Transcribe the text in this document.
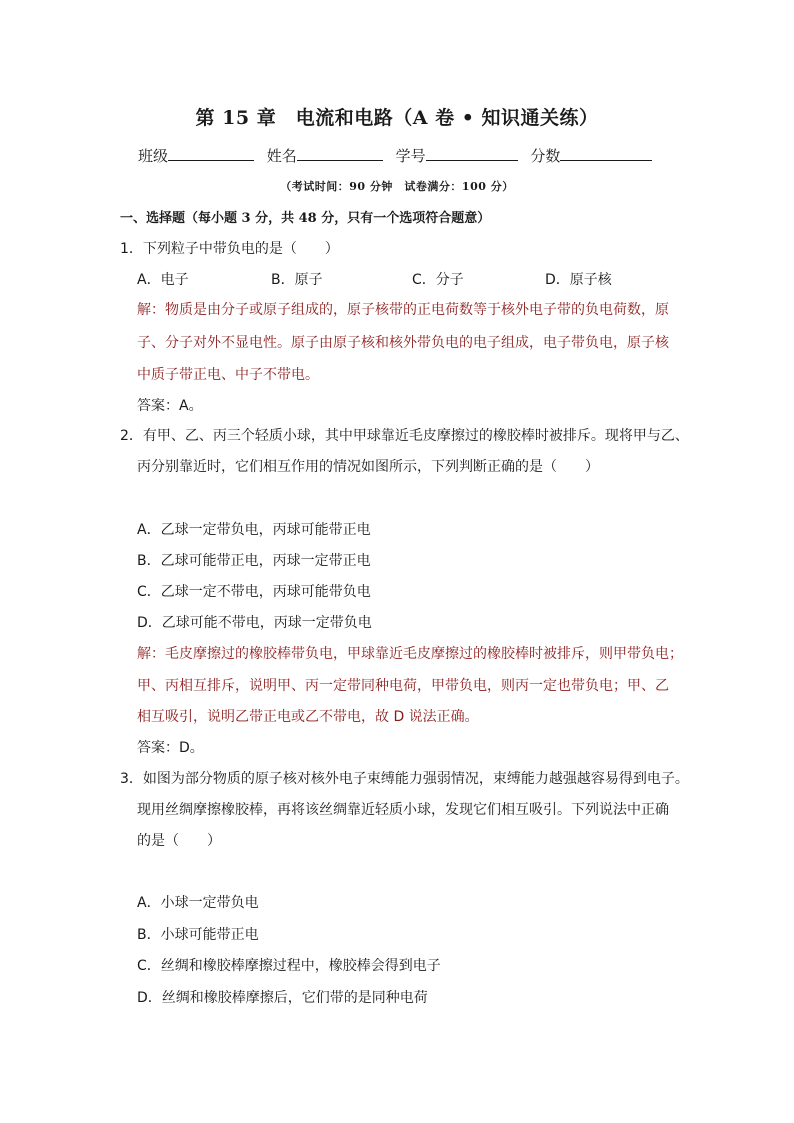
第 15 章　电流和电路（A 卷 • 知识通关练）
班级	姓名	学号	分数
（考试时间：90 分钟　试卷满分：100 分）
一、选择题（每小题 3 分，共 48 分，只有一个选项符合题意）
1．下列粒子中带负电的是（　　）
A．电子	B．原子	C．分子	D．原子核
解：物质是由分子或原子组成的，原子核带的正电荷数等于核外电子带的负电荷数，原
子、分子对外不显电性。原子由原子核和核外带负电的电子组成，电子带负电，原子核
中质子带正电、中子不带电。
答案：A。
2．有甲、乙、丙三个轻质小球，其中甲球靠近毛皮摩擦过的橡胶棒时被排斥。现将甲与乙、
丙分别靠近时，它们相互作用的情况如图所示，下列判断正确的是（　　）
A．乙球一定带负电，丙球可能带正电
B．乙球可能带正电，丙球一定带正电
C．乙球一定不带电，丙球可能带负电
D．乙球可能不带电，丙球一定带负电
解：毛皮摩擦过的橡胶棒带负电，甲球靠近毛皮摩擦过的橡胶棒时被排斥，则甲带负电；
甲、丙相互排斥，说明甲、丙一定带同种电荷，甲带负电，则丙一定也带负电；甲、乙
相互吸引，说明乙带正电或乙不带电，故 D 说法正确。
答案：D。
3．如图为部分物质的原子核对核外电子束缚能力强弱情况，束缚能力越强越容易得到电子。
现用丝绸摩擦橡胶棒，再将该丝绸靠近轻质小球，发现它们相互吸引。下列说法中正确
的是（　　）
A．小球一定带负电
B．小球可能带正电
C．丝绸和橡胶棒摩擦过程中，橡胶棒会得到电子
D．丝绸和橡胶棒摩擦后，它们带的是同种电荷
